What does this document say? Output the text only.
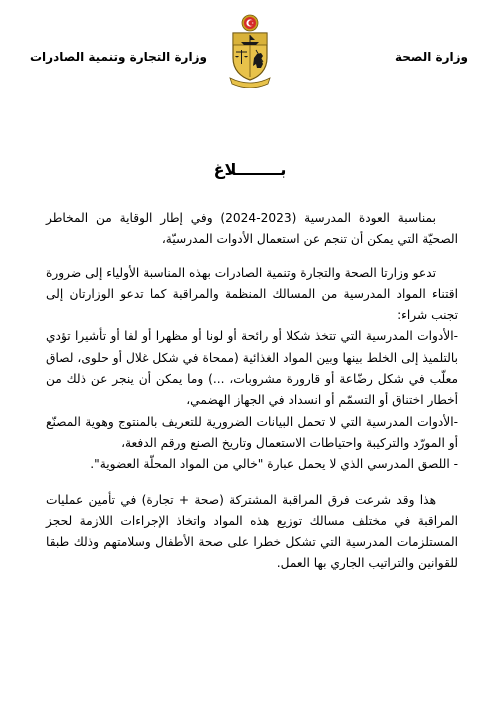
وزارة الصحة
وزارة التجارة وتنمية الصادرات
بــــــــلاغ

بمناسبة العودة المدرسية (2023-2024) وفي إطار الوقاية من المخاطر الصحيّة التي يمكن أن تنجم عن استعمال الأدوات المدرسيّة،

تدعو وزارتا الصحة والتجارة وتنمية الصادرات بهذه المناسبة الأولياء إلى ضرورة اقتناء المواد المدرسية من المسالك المنظمة والمراقبة كما تدعو الوزارتان إلى تجنب شراء:

-الأدوات المدرسية التي تتخذ شكلا أو رائحة أو لونا أو مظهرا أو لفا أو تأشيرا تؤدي بالتلميذ إلى الخلط بينها وبين المواد الغذائية (ممحاة في شكل غلال أو حلوى، لصاق معلّب في شكل رضّاعة أو قارورة مشروبات، ...) وما يمكن أن ينجر عن ذلك من أخطار اختناق أو التسمّم أو انسداد في الجهاز الهضمي،

-الأدوات المدرسية التي لا تحمل البيانات الضرورية للتعريف بالمنتوج وهوية المصنّع أو المورّد والتركيبة واحتياطات الاستعمال وتاريخ الصنع ورقم الدفعة،

- اللصق المدرسي الذي لا يحمل عبارة "خالي من المواد المحلّة العضوية".

هذا وقد شرعت فرق المراقبة المشتركة (صحة + تجارة) في تأمين عمليات المراقبة في مختلف مسالك توزيع هذه المواد واتخاذ الإجراءات اللازمة لحجز المستلزمات المدرسية التي تشكل خطرا على صحة الأطفال وسلامتهم وذلك طبقا للقوانين والتراتيب الجاري بها العمل.
